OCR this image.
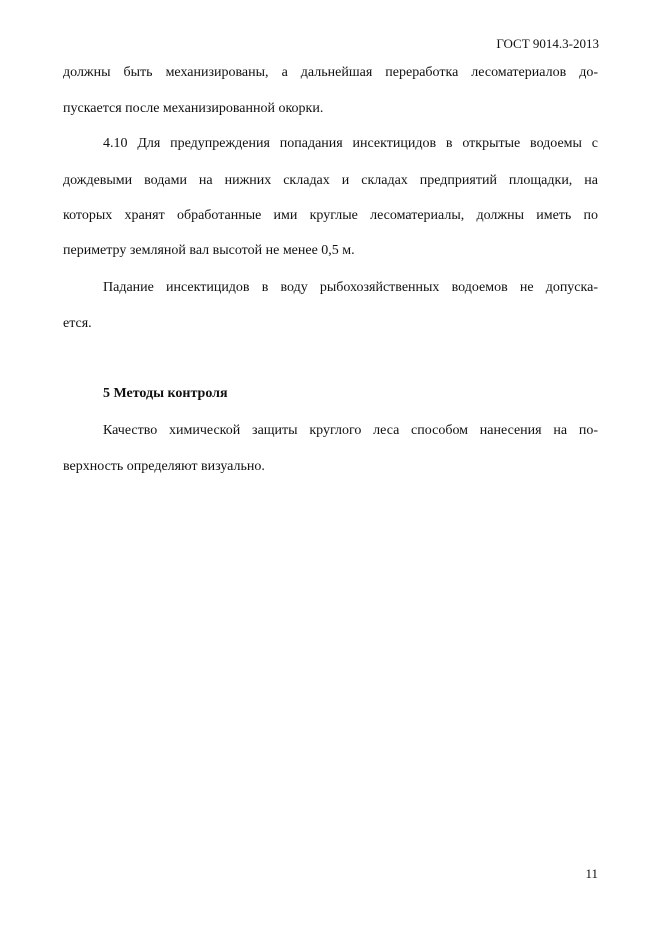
ГОСТ 9014.3-2013
должны быть механизированы, а дальнейшая переработка лесоматериалов до-
пускается после механизированной окорки.
4.10 Для предупреждения попадания инсектицидов в открытые водоемы с
дождевыми водами на нижних складах и складах предприятий площадки, на
которых хранят обработанные ими круглые лесоматериалы, должны иметь по
периметру земляной вал высотой не менее 0,5 м.
Падание инсектицидов в воду рыбохозяйственных водоемов не допуска-
ется.
5 Методы контроля
Качество химической защиты круглого леса способом нанесения на по-
верхность определяют визуально.
11
